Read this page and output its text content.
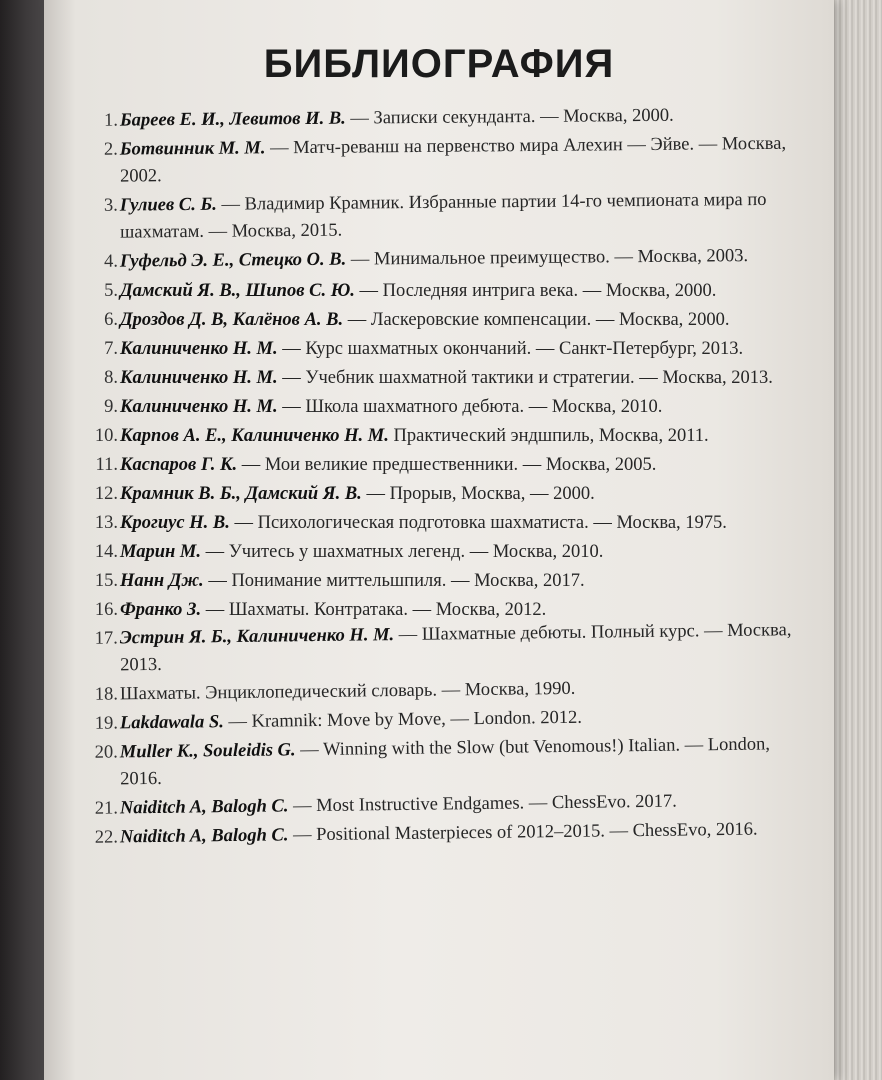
БИБЛИОГРАФИЯ
1. Бареев Е. И., Левитов И. В. — Записки секунданта. — Москва, 2000.
2. Ботвинник М. М. — Матч-реванш на первенство мира Алехин — Эйве. — Москва, 2002.
3. Гулиев С. Б. — Владимир Крамник. Избранные партии 14-го чемпионата мира по шахматам. — Москва, 2015.
4. Гуфельд Э. Е., Стецко О. В. — Минимальное преимущество. — Москва, 2003.
5. Дамский Я. В., Шипов С. Ю. — Последняя интрига века. — Москва, 2000.
6. Дроздов Д. В, Калёнов А. В. — Ласкеровские компенсации. — Москва, 2000.
7. Калиниченко Н. М. — Курс шахматных окончаний. — Санкт-Петербург, 2013.
8. Калиниченко Н. М. — Учебник шахматной тактики и стратегии. — Москва, 2013.
9. Калиниченко Н. М. — Школа шахматного дебюта. — Москва, 2010.
10. Карпов А. Е., Калиниченко Н. М. Практический эндшпиль, Москва, 2011.
11. Каспаров Г. К. — Мои великие предшественники. — Москва, 2005.
12. Крамник В. Б., Дамский Я. В. — Прорыв, Москва, — 2000.
13. Крогиус Н. В. — Психологическая подготовка шахматиста. — Москва, 1975.
14. Марин М. — Учитесь у шахматных легенд. — Москва, 2010.
15. Нанн Дж. — Понимание миттельшпиля. — Москва, 2017.
16. Франко З. — Шахматы. Контратака. — Москва, 2012.
17. Эстрин Я. Б., Калиниченко Н. М. — Шахматные дебюты. Полный курс. — Москва, 2013.
18. Шахматы. Энциклопедический словарь. — Москва, 1990.
19. Lakdawala S. — Kramnik: Move by Move, — London. 2012.
20. Muller K., Souleidis G. — Winning with the Slow (but Venomous!) Italian. — London, 2016.
21. Naiditch A, Balogh C. — Most Instructive Endgames. — ChessEvo. 2017.
22. Naiditch A, Balogh C. — Positional Masterpieces of 2012–2015. — ChessEvo, 2016.
